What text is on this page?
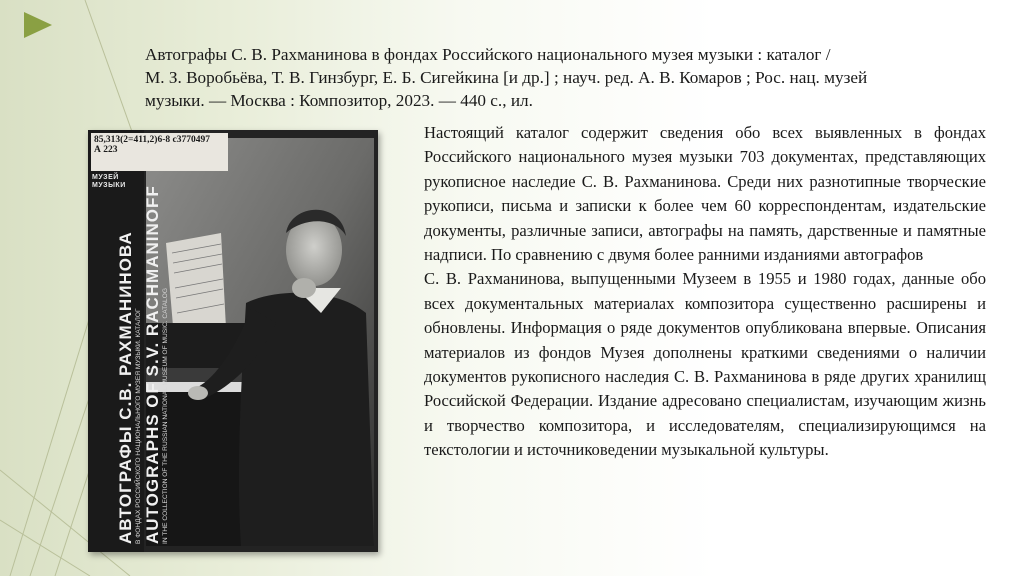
Автографы С. В. Рахманинова в фондах Российского национального музея музыки : каталог /
М. З. Воробьёва, Т. В. Гинзбург, Е. Б. Сигейкина [и др.] ; науч. ред. А. В. Комаров ; Рос. нац. музей
музыки. — Москва : Композитор, 2023. — 440 с., ил.
85,313(2=411,2)6-8 с3770497
А 223
МУЗЕЙ МУЗЫКИ
АВТОГРАФЫ С.В. РАХМАНИНОВА В ФОНДАХ РОССИЙСКОГО НАЦИОНАЛЬНОГО МУЗЕЯ МУЗЫКИ. КАТАЛОГ AUTOGRAPHS OF S.V. RACHMANINOFF IN THE COLLECTION OF THE RUSSIAN NATIONAL MUSEUM OF MUSIC. CATALOG

Настоящий каталог содержит сведения обо всех выявленных в фондах Российского национального музея музыки 703 документах, представляющих рукописное наследие С. В. Рахманинова. Среди них разнотипные творческие рукописи, письма и записки к более чем 60 корреспондентам, издательские документы, различные записи, автографы на память, дарственные и памятные надписи. По сравнению с двумя более ранними изданиями автографов

С. В. Рахманинова, выпущенными Музеем в 1955 и 1980 годах, данные обо всех документальных материалах композитора существенно расширены и обновлены. Информация о ряде документов опубликована впервые. Описания материалов из фондов Музея дополнены краткими сведениями о наличии документов рукописного наследия С. В. Рахманинова в ряде других хранилищ Российской Федерации. Издание адресовано специалистам, изучающим жизнь и творчество композитора, и исследователям, специализирующимся на текстологии и источниковедении музыкальной культуры.
